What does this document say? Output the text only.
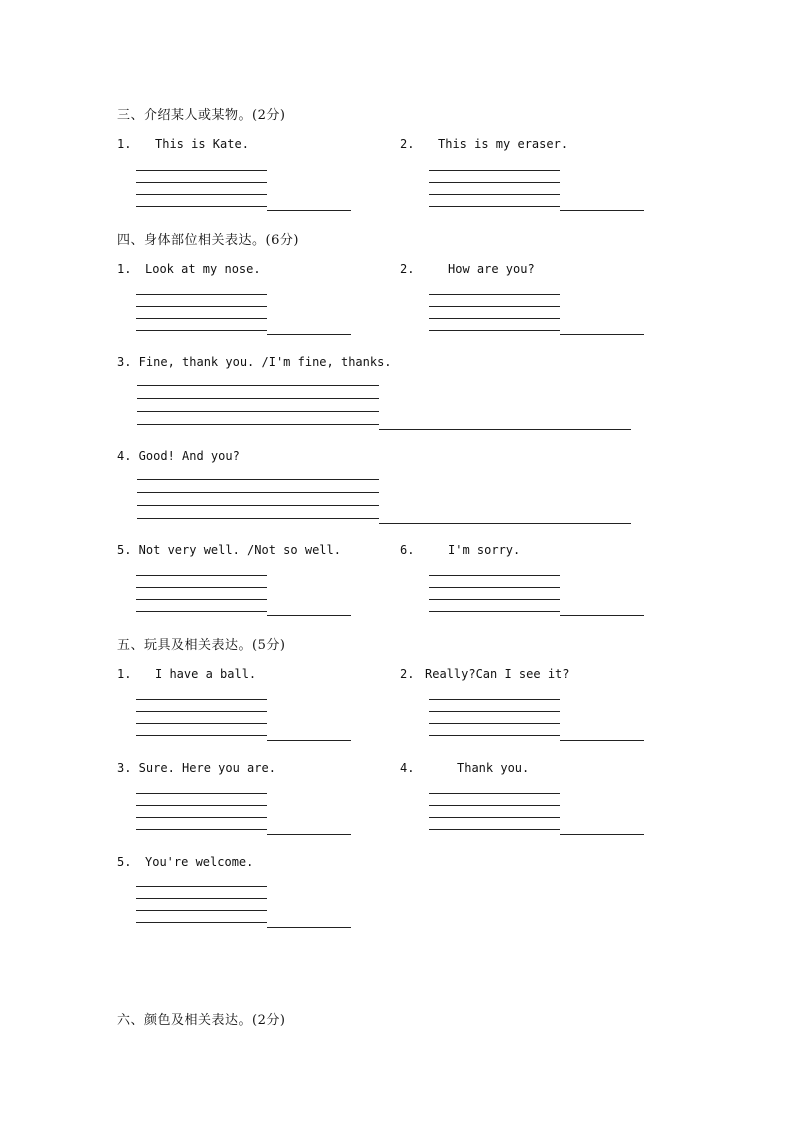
三、介绍某人或某物。(2分)
1. This is Kate.	2. This is my eraser.
四、身体部位相关表达。(6分)
1. Look at my nose.	2.	How are you?
3. Fine, thank you. /I'm fine, thanks.
4. Good! And you?
5. Not very well. /Not so well.	6.	I'm sorry.
五、玩具及相关表达。(5分)
1. I have a ball.	2. Really?Can I see it?
3. Sure. Here you are.	4.	Thank you.
5. You're welcome.
六、颜色及相关表达。(2分)
